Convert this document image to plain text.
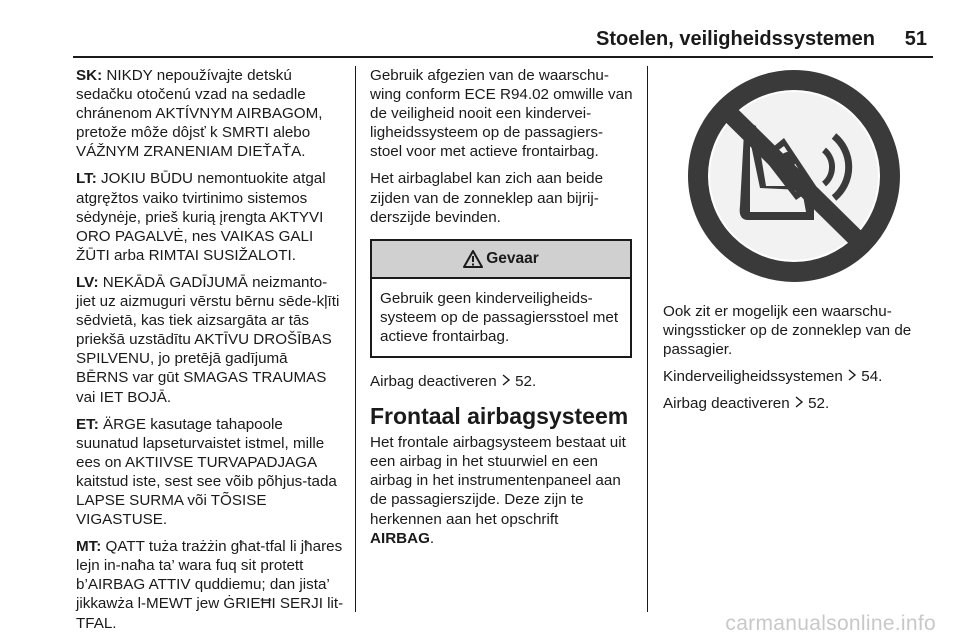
Stoelen, veiligheidssystemen 51

SK: NIKDY nepoužívajte detskú sedačku otočenú vzad na sedadle chránenom AKTÍVNYM AIRBAGOM, pretože môže dôjsť k SMRTI alebo VÁŽNYM ZRANENIAM DIEŤAŤA.

LT: JOKIU BŪDU nemontuokite atgal atgręžtos vaiko tvirtinimo sistemos sėdynėje, prieš kurią įrengta AKTYVI ORO PAGALVĖ, nes VAIKAS GALI ŽŪTI arba RIMTAI SUSIŽALOTI.

LV: NEKĀDĀ GADĪJUMĀ neizmanto-jiet uz aizmuguri vērstu bērnu sēde-kļīti sēdvietā, kas tiek aizsargāta ar tās priekšā uzstādītu AKTĪVU DROŠĪBAS SPILVENU, jo pretējā gadījumā BĒRNS var gūt SMAGAS TRAUMAS vai IET BOJĀ.

ET: ÄRGE kasutage tahapoole suunatud lapseturvaistet istmel, mille ees on AKTIIVSE TURVAPADJAGA kaitstud iste, sest see võib põhjus-tada LAPSE SURMA või TÕSISE VIGASTUSE.

MT: QATT tuża trażżin għat-tfal li jħares lejn in-naħa ta’ wara fuq sit protett b’AIRBAG ATTIV quddiemu; dan jista’ jikkawża l-MEWT jew ĠRIEĦI SERJI lit-TFAL.

Gebruik afgezien van de waarschu-wing conform ECE R94.02 omwille van de veiligheid nooit een kindervei-ligheidssysteem op de passagiers-stoel voor met actieve frontairbag.

Het airbaglabel kan zich aan beide zijden van de zonneklep aan bijrij-derszijde bevinden.

Gevaar
Gebruik geen kinderveiligheids-systeem op de passagiersstoel met actieve frontairbag.

Airbag deactiveren 52.

Frontaal airbagsysteem

Het frontale airbagsysteem bestaat uit een airbag in het stuurwiel en een airbag in het instrumentenpaneel aan de passagierszijde. Deze zijn te herkennen aan het opschrift
AIRBAG.

Ook zit er mogelijk een waarschu-wingssticker op de zonneklep van de passagier.

Kinderveiligheidssystemen 54.

Airbag deactiveren 52.

carmanualsonline.info
